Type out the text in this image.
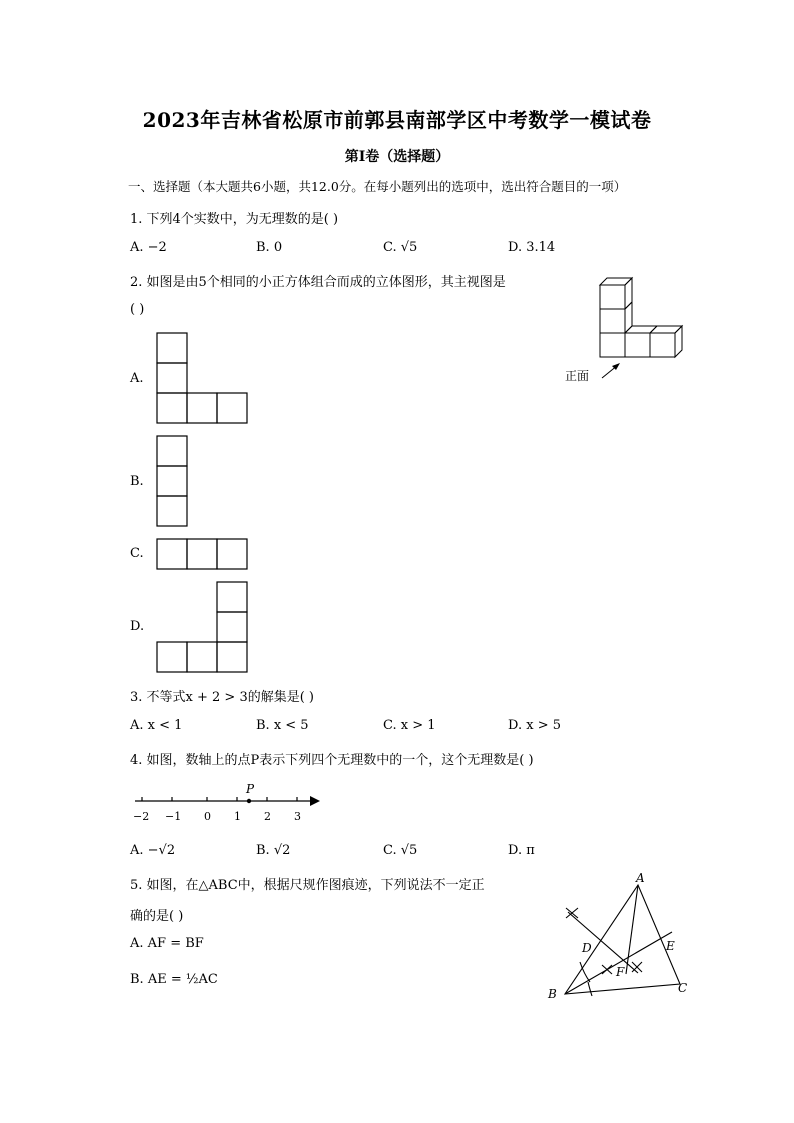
2023年吉林省松原市前郭县南部学区中考数学一模试卷
第I卷（选择题）
一、选择题（本大题共6小题，共12.0分。在每小题列出的选项中，选出符合题目的一项）
1. 下列4个实数中，为无理数的是( )
A. −2	B. 0	C. √5	D. 3.14
2. 如图是由5个相同的小正方体组合而成的立体图形，其主视图是
( )
正面
A.
B.
C.
D.
3. 不等式x + 2 > 3的解集是( )
A. x < 1	B. x < 5	C. x > 1	D. x > 5
4. 如图，数轴上的点P表示下列四个无理数中的一个，这个无理数是( )
P
−2 −1 0 1 2 3
A. −√2	B. √2	C. √5	D. π
5. 如图，在△ABC中，根据尺规作图痕迹，下列说法不一定正
确的是( )
A. AF = BF
B. AE = ½AC
A
B	C
D	E
F
